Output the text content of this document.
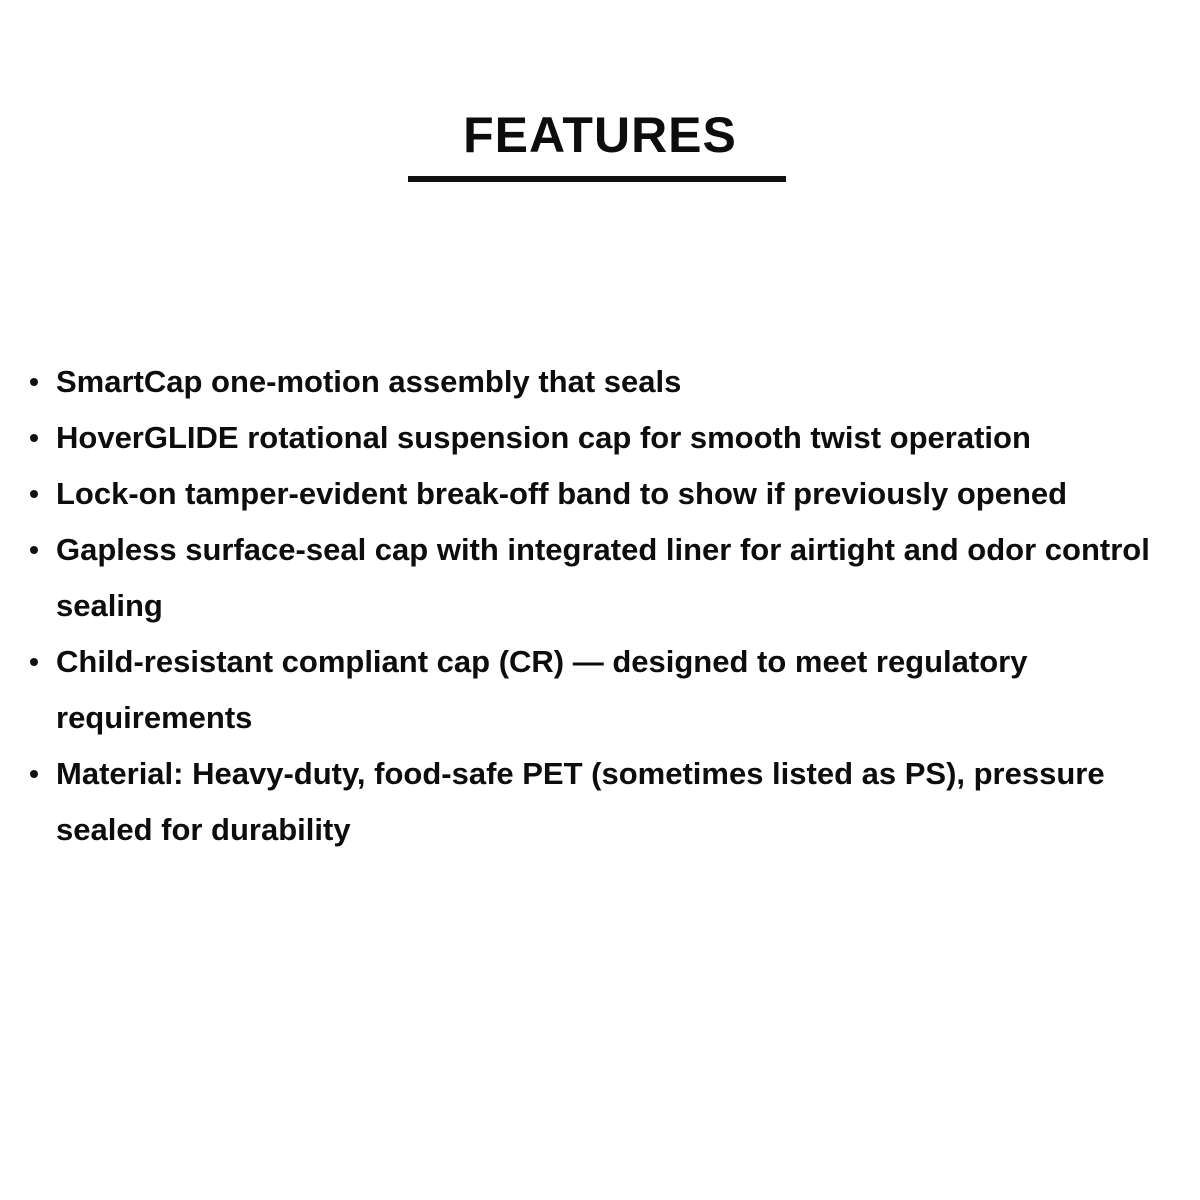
FEATURES
SmartCap one-motion assembly that seals
HoverGLIDE rotational suspension cap for smooth twist operation
Lock-on tamper-evident break-off band to show if previously opened
Gapless surface-seal cap with integrated liner for airtight and odor control sealing
Child-resistant compliant cap (CR) — designed to meet regulatory requirements
Material: Heavy-duty, food-safe PET (sometimes listed as PS), pressure sealed for durability
